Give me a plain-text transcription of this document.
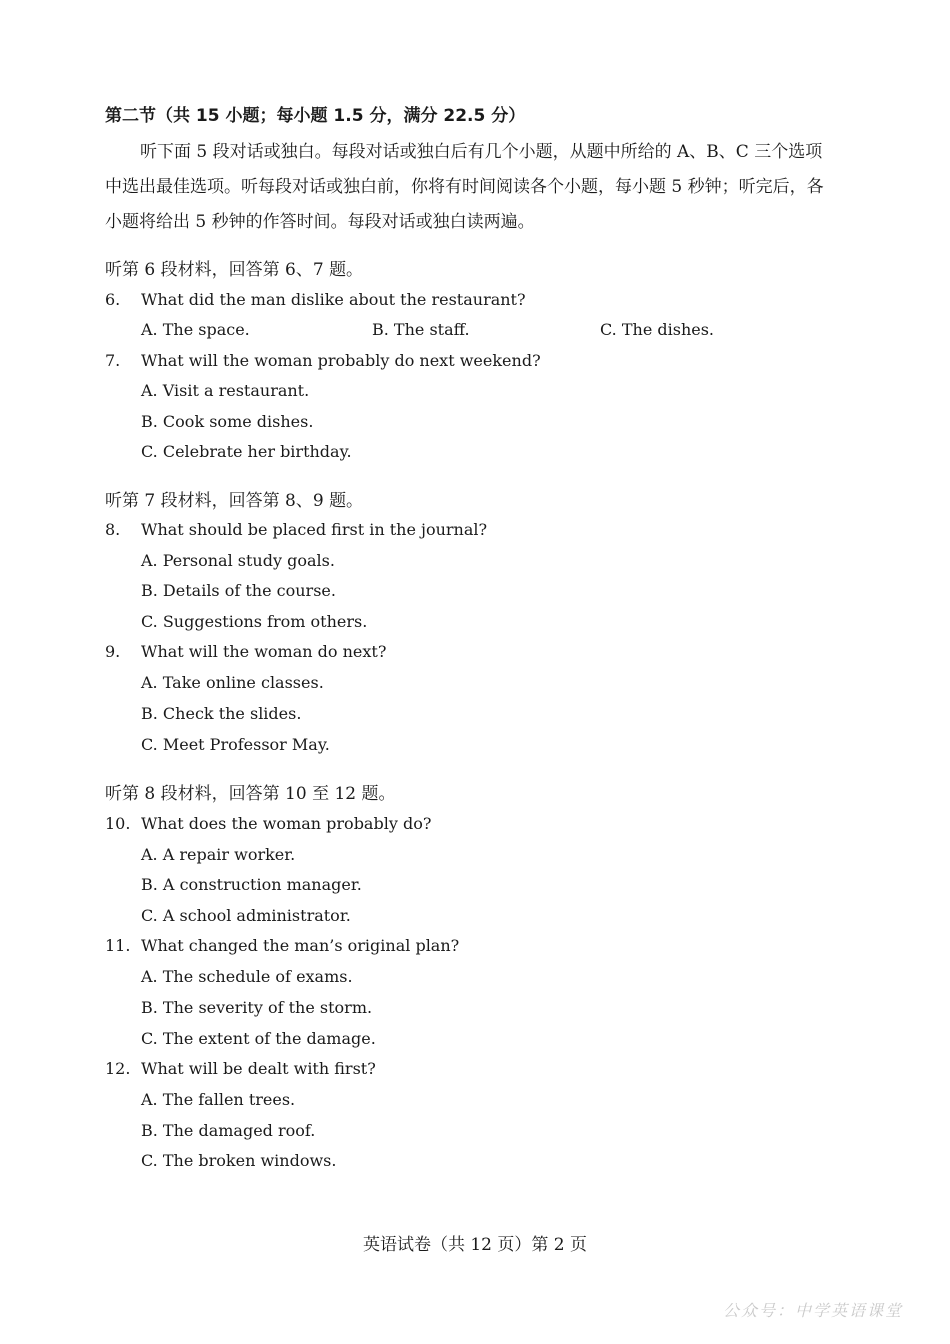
第二节（共 15 小题；每小题 1.5 分，满分 22.5 分）
听下面 5 段对话或独白。每段对话或独白后有几个小题，从题中所给的 A、B、C 三个选项
中选出最佳选项。听每段对话或独白前，你将有时间阅读各个小题，每小题 5 秒钟；听完后，各
小题将给出 5 秒钟的作答时间。每段对话或独白读两遍。
听第 6 段材料，回答第 6、7 题。
6. What did the man dislike about the restaurant?
A. The space.	B. The staff.	C. The dishes.
7. What will the woman probably do next weekend?
A. Visit a restaurant.
B. Cook some dishes.
C. Celebrate her birthday.
听第 7 段材料，回答第 8、9 题。
8. What should be placed first in the journal?
A. Personal study goals.
B. Details of the course.
C. Suggestions from others.
9. What will the woman do next?
A. Take online classes.
B. Check the slides.
C. Meet Professor May.
听第 8 段材料，回答第 10 至 12 题。
10. What does the woman probably do?
A. A repair worker.
B. A construction manager.
C. A school administrator.
11. What changed the man’s original plan?
A. The schedule of exams.
B. The severity of the storm.
C. The extent of the damage.
12. What will be dealt with first?
A. The fallen trees.
B. The damaged roof.
C. The broken windows.
英语试卷（共 12 页）第 2 页
公众号：中学英语课堂
